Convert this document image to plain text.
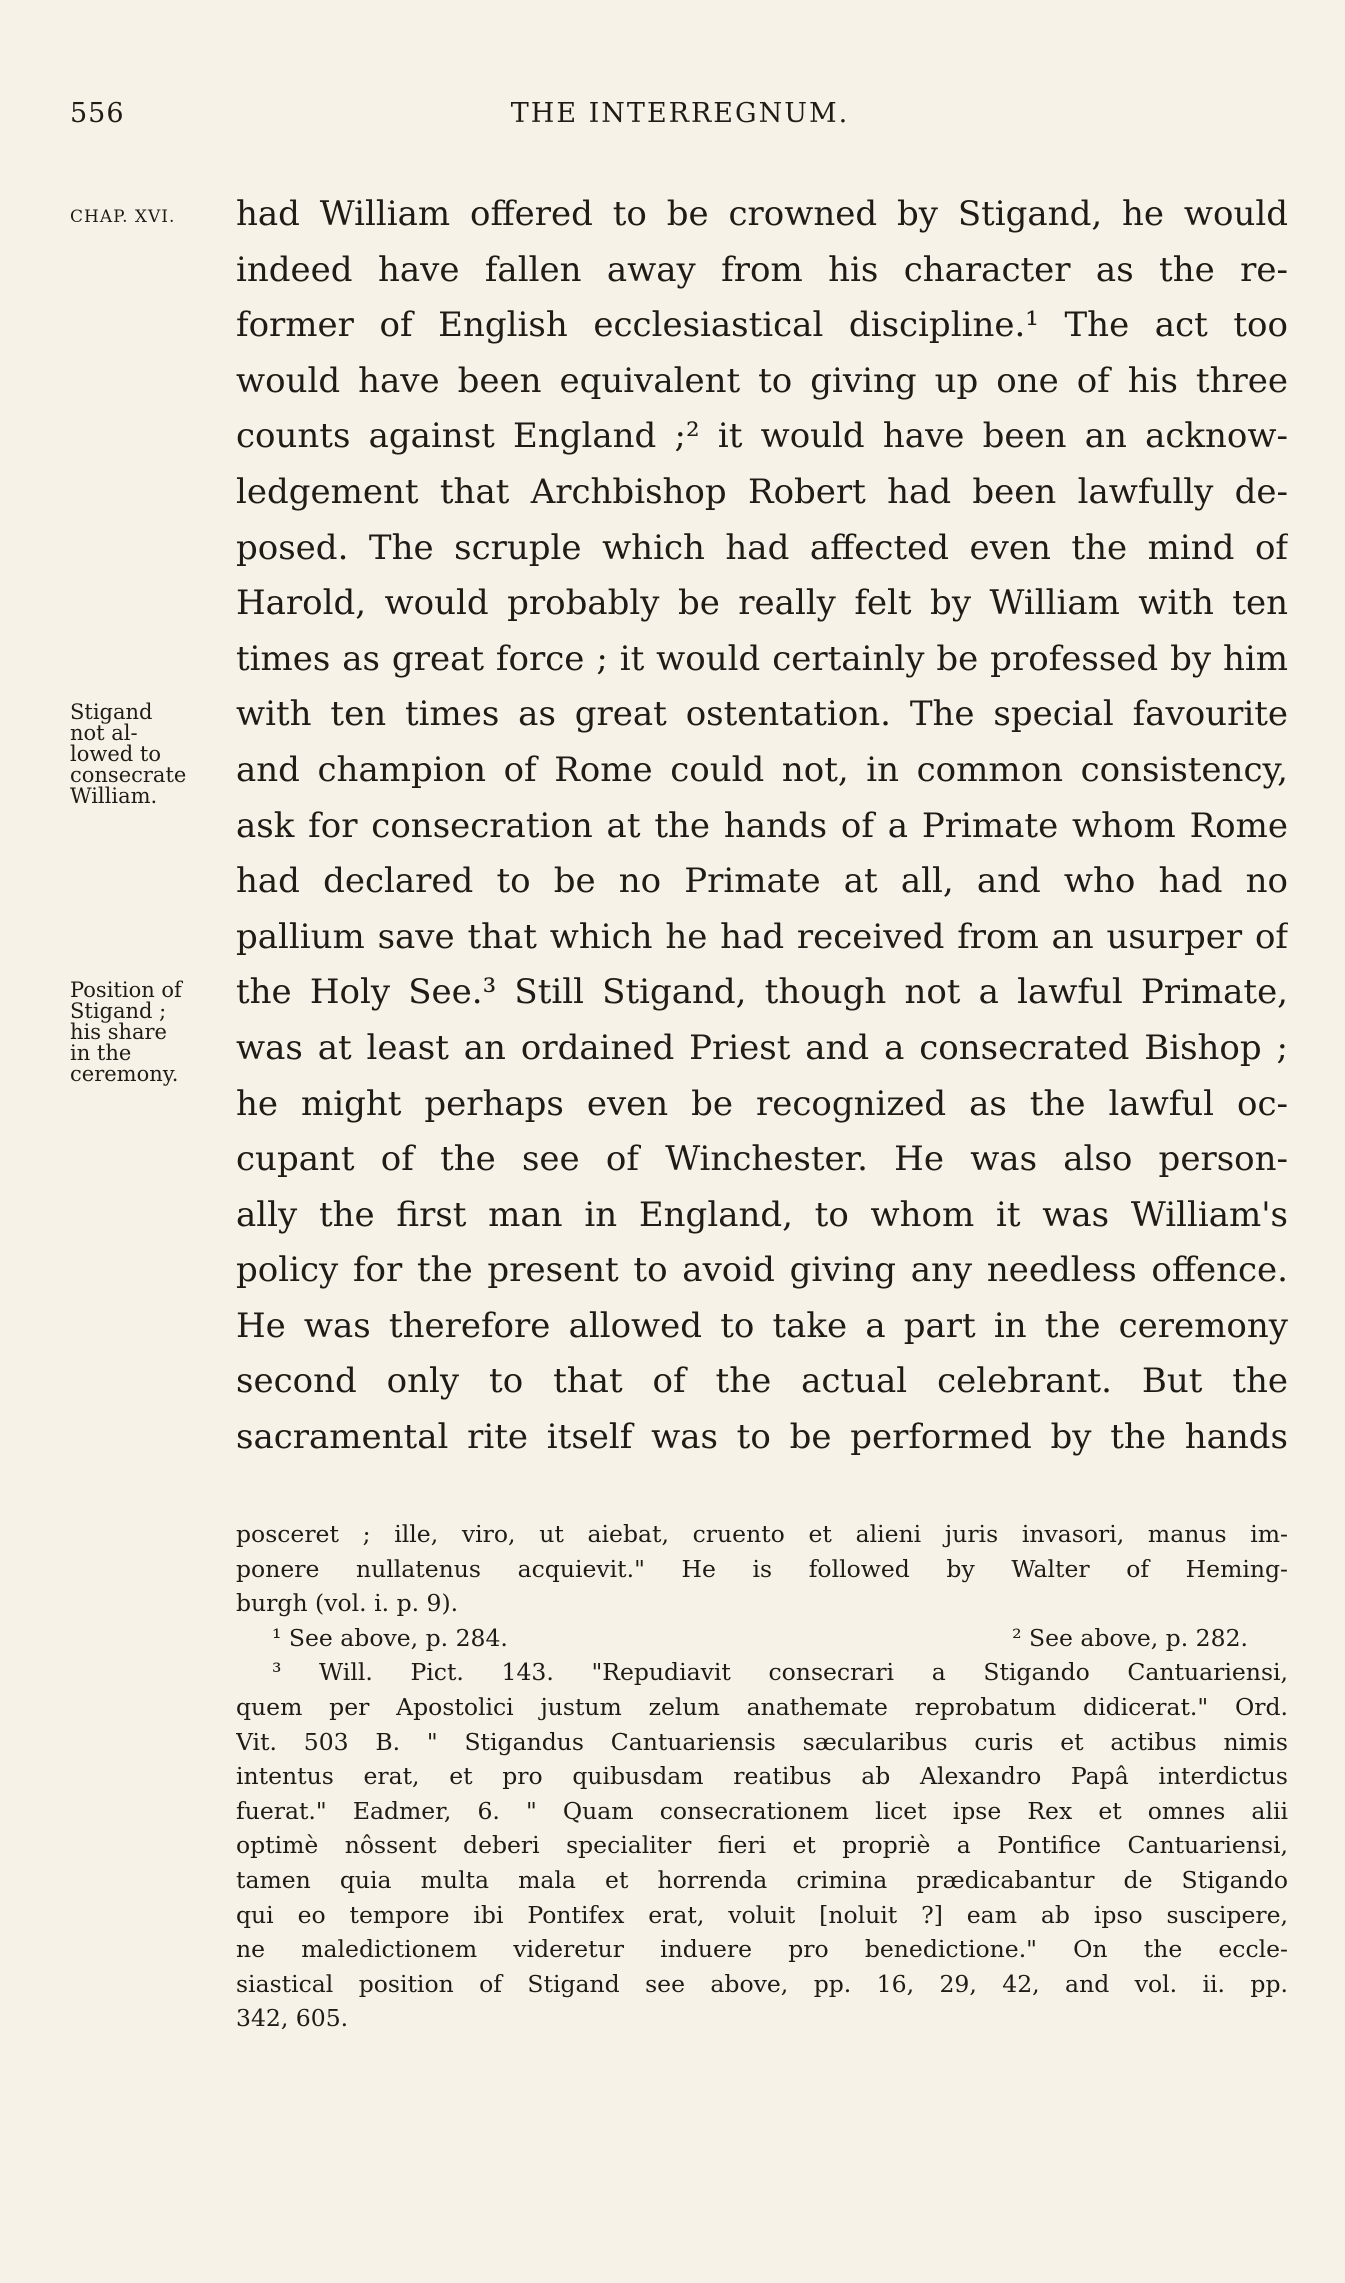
556	THE INTERREGNUM.
CHAP. XVI.
Stigand
not al-
lowed to
consecrate
William.
Position of
Stigand ;
his share
in the
ceremony.
had William offered to be crowned by Stigand, he would
indeed have fallen away from his character as the re-
former of English ecclesiastical discipline.¹ The act too
would have been equivalent to giving up one of his three
counts against England ;² it would have been an acknow-
ledgement that Archbishop Robert had been lawfully de-
posed. The scruple which had affected even the mind of
Harold, would probably be really felt by William with ten
times as great force ; it would certainly be professed by him
with ten times as great ostentation. The special favourite
and champion of Rome could not, in common consistency,
ask for consecration at the hands of a Primate whom Rome
had declared to be no Primate at all, and who had no
pallium save that which he had received from an usurper of
the Holy See.³ Still Stigand, though not a lawful Primate,
was at least an ordained Priest and a consecrated Bishop ;
he might perhaps even be recognized as the lawful oc-
cupant of the see of Winchester. He was also person-
ally the first man in England, to whom it was William's
policy for the present to avoid giving any needless offence.
He was therefore allowed to take a part in the ceremony
second only to that of the actual celebrant. But the
sacramental rite itself was to be performed by the hands
posceret ; ille, viro, ut aiebat, cruento et alieni juris invasori, manus im-
ponere nullatenus acquievit." He is followed by Walter of Heming-
burgh (vol. i. p. 9).
¹ See above, p. 284.	² See above, p. 282.
³ Will. Pict. 143. "Repudiavit consecrari a Stigando Cantuariensi,
quem per Apostolici justum zelum anathemate reprobatum didicerat." Ord.
Vit. 503 B. " Stigandus Cantuariensis sæcularibus curis et actibus nimis
intentus erat, et pro quibusdam reatibus ab Alexandro Papâ interdictus
fuerat." Eadmer, 6. " Quam consecrationem licet ipse Rex et omnes alii
optimè nôssent deberi specialiter fieri et propriè a Pontifice Cantuariensi,
tamen quia multa mala et horrenda crimina prædicabantur de Stigando
qui eo tempore ibi Pontifex erat, voluit [noluit ?] eam ab ipso suscipere,
ne maledictionem videretur induere pro benedictione." On the eccle-
siastical position of Stigand see above, pp. 16, 29, 42, and vol. ii. pp.
342, 605.
